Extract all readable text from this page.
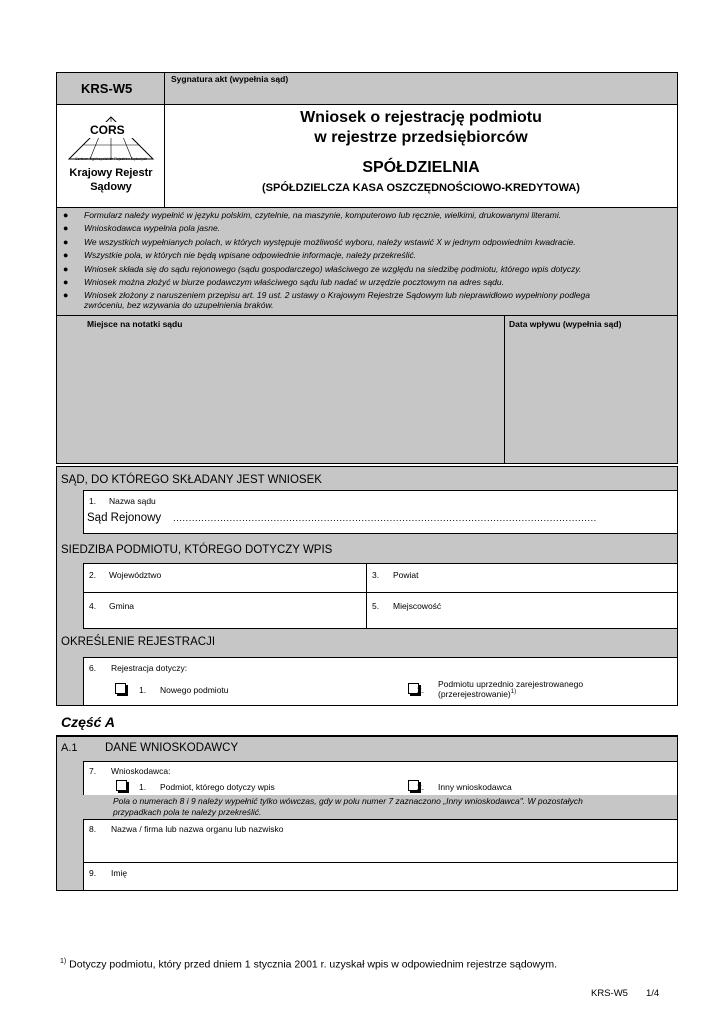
KRS-W5
CORS
Centrum Ogólnopolskich Rejestrów Sądowych
Krajowy Rejestr
Sądowy
Sygnatura akt (wypełnia sąd)
Wniosek o rejestrację podmiotu
w rejestrze przedsiębiorców
SPÓŁDZIELNIA
(SPÓŁDZIELCZA KASA OSZCZĘDNOŚCIOWO-KREDYTOWA)
● Formularz należy wypełnić w języku polskim, czytelnie, na maszynie, komputerowo lub ręcznie, wielkimi, drukowanymi literami.
● Wnioskodawca wypełnia pola jasne.
● We wszystkich wypełnianych polach, w których występuje możliwość wyboru, należy wstawić X w jednym odpowiednim kwadracie.
● Wszystkie pola, w których nie będą wpisane odpowiednie informacje, należy przekreślić.
● Wniosek składa się do sądu rejonowego (sądu gospodarczego) właściwego ze względu na siedzibę podmiotu, którego wpis dotyczy.
● Wniosek można złożyć w biurze podawczym właściwego sądu lub nadać w urzędzie pocztowym na adres sądu.
● Wniosek złożony z naruszeniem przepisu art. 19 ust. 2 ustawy o Krajowym Rejestrze Sądowym lub nieprawidłowo wypełniony podlega
zwróceniu, bez wzywania do uzupełnienia braków.
Miejsce na notatki sądu	Data wpływu (wypełnia sąd)
SĄD, DO KTÓREGO SKŁADANY JEST WNIOSEK
1. Nazwa sądu
Sąd Rejonowy .......................................................................................................................................
SIEDZIBA PODMIOTU, KTÓREGO DOTYCZY WPIS
2. Województwo	3. Powiat
4. Gmina	5. Miejscowość
OKREŚLENIE REJESTRACJI
6. Rejestracja dotyczy:

1. Nowego podmiotu	2.
Podmiotu uprzednio zarejestrowanego
(przerejestrowanie)$^{1)}$
Część A
A.1 DANE WNIOSKODAWCY
7. Wnioskodawca:

1. Podmiot, którego dotyczy wpis	2. Inny wnioskodawca
Pola o numerach 8 i 9 należy wypełnić tylko wówczas, gdy w polu numer 7 zaznaczono „Inny wnioskodawca". W pozostałych
przypadkach pola te należy przekreślić.
8. Nazwa / firma lub nazwa organu lub nazwisko
9. Imię
$^{1)}$ Dotyczy podmiotu, który przed dniem 1 stycznia 2001 r. uzyskał wpis w odpowiednim rejestrze sądowym.
KRS-W5 1/4
